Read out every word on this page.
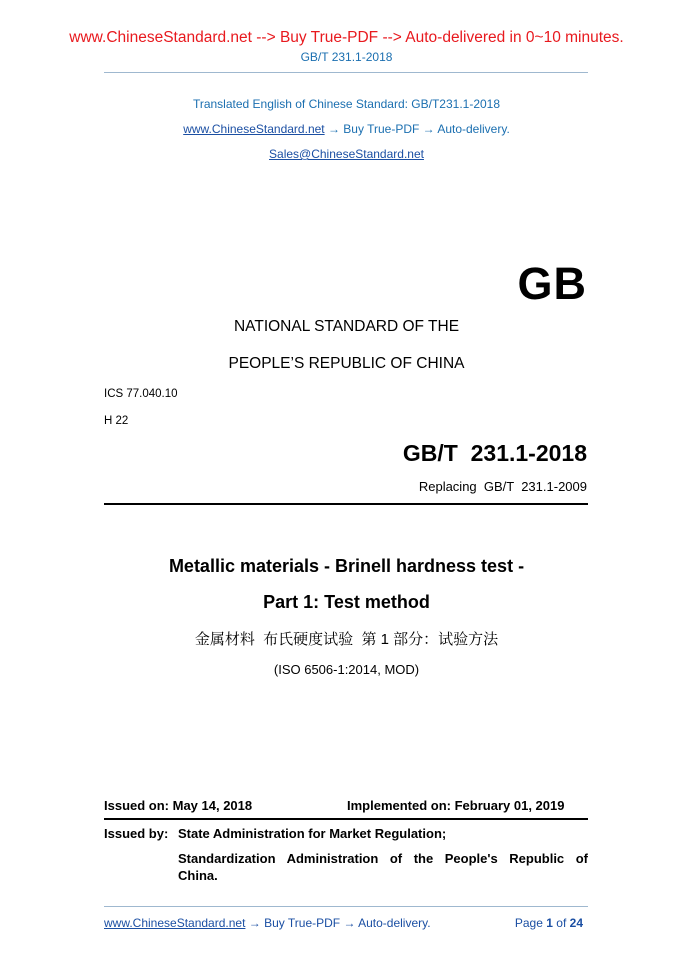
www.ChineseStandard.net --> Buy True-PDF --> Auto-delivered in 0~10 minutes.
GB/T 231.1-2018
Translated English of Chinese Standard: GB/T231.1-2018
www.ChineseStandard.net → Buy True-PDF → Auto-delivery.
Sales@ChineseStandard.net
GB
NATIONAL STANDARD OF THE
PEOPLE’S REPUBLIC OF CHINA
ICS 77.040.10
H 22
GB/T  231.1-2018
Replacing  GB/T  231.1-2009
Metallic materials - Brinell hardness test -
Part 1: Test method
金属材料  布氏硬度试验  第 1 部分：试验方法
(ISO 6506-1:2014, MOD)
Issued on: May 14, 2018	Implemented on: February 01, 2019
Issued by: State Administration for Market Regulation;
Standardization Administration of the People's Republic of China.
www.ChineseStandard.net → Buy True-PDF → Auto-delivery.	Page 1 of 24
